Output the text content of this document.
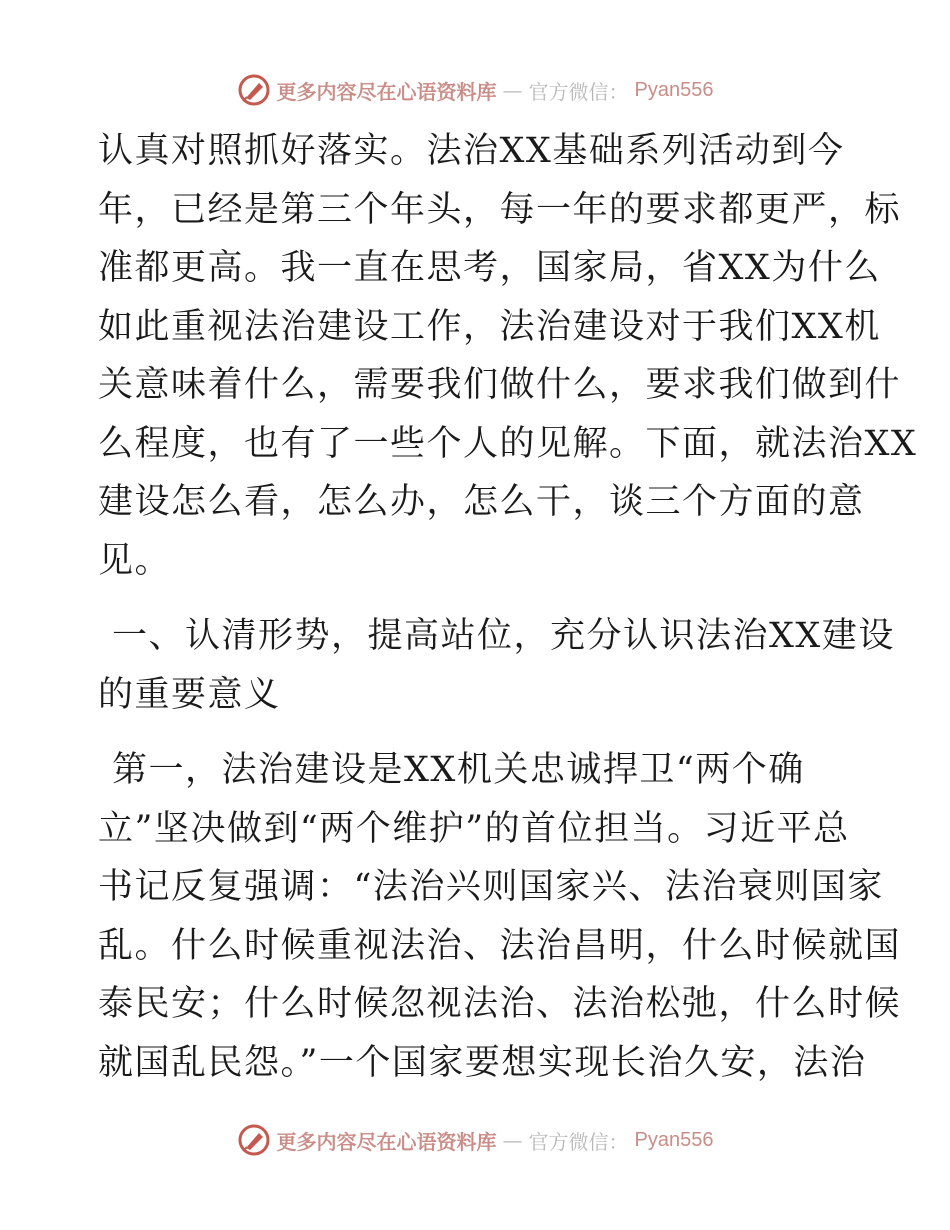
更多内容尽在心语资料库 — 官方微信： Pyan556

认真对照抓好落实。法治XX基础系列活动到今
年，已经是第三个年头，每一年的要求都更严，标
准都更高。我一直在思考，国家局，省XX为什么
如此重视法治建设工作，法治建设对于我们XX机
关意味着什么，需要我们做什么，要求我们做到什
么程度，也有了一些个人的见解。下面，就法治XX
建设怎么看，怎么办，怎么干，谈三个方面的意
见。

一、认清形势，提高站位，充分认识法治XX建设
的重要意义

第一，法治建设是XX机关忠诚捍卫“两个确
立”坚决做到“两个维护”的首位担当。习近平总
书记反复强调：“法治兴则国家兴、法治衰则国家
乱。什么时候重视法治、法治昌明，什么时候就国
泰民安；什么时候忽视法治、法治松弛，什么时候
就国乱民怨。”一个国家要想实现长治久安，法治

更多内容尽在心语资料库 — 官方微信： Pyan556
